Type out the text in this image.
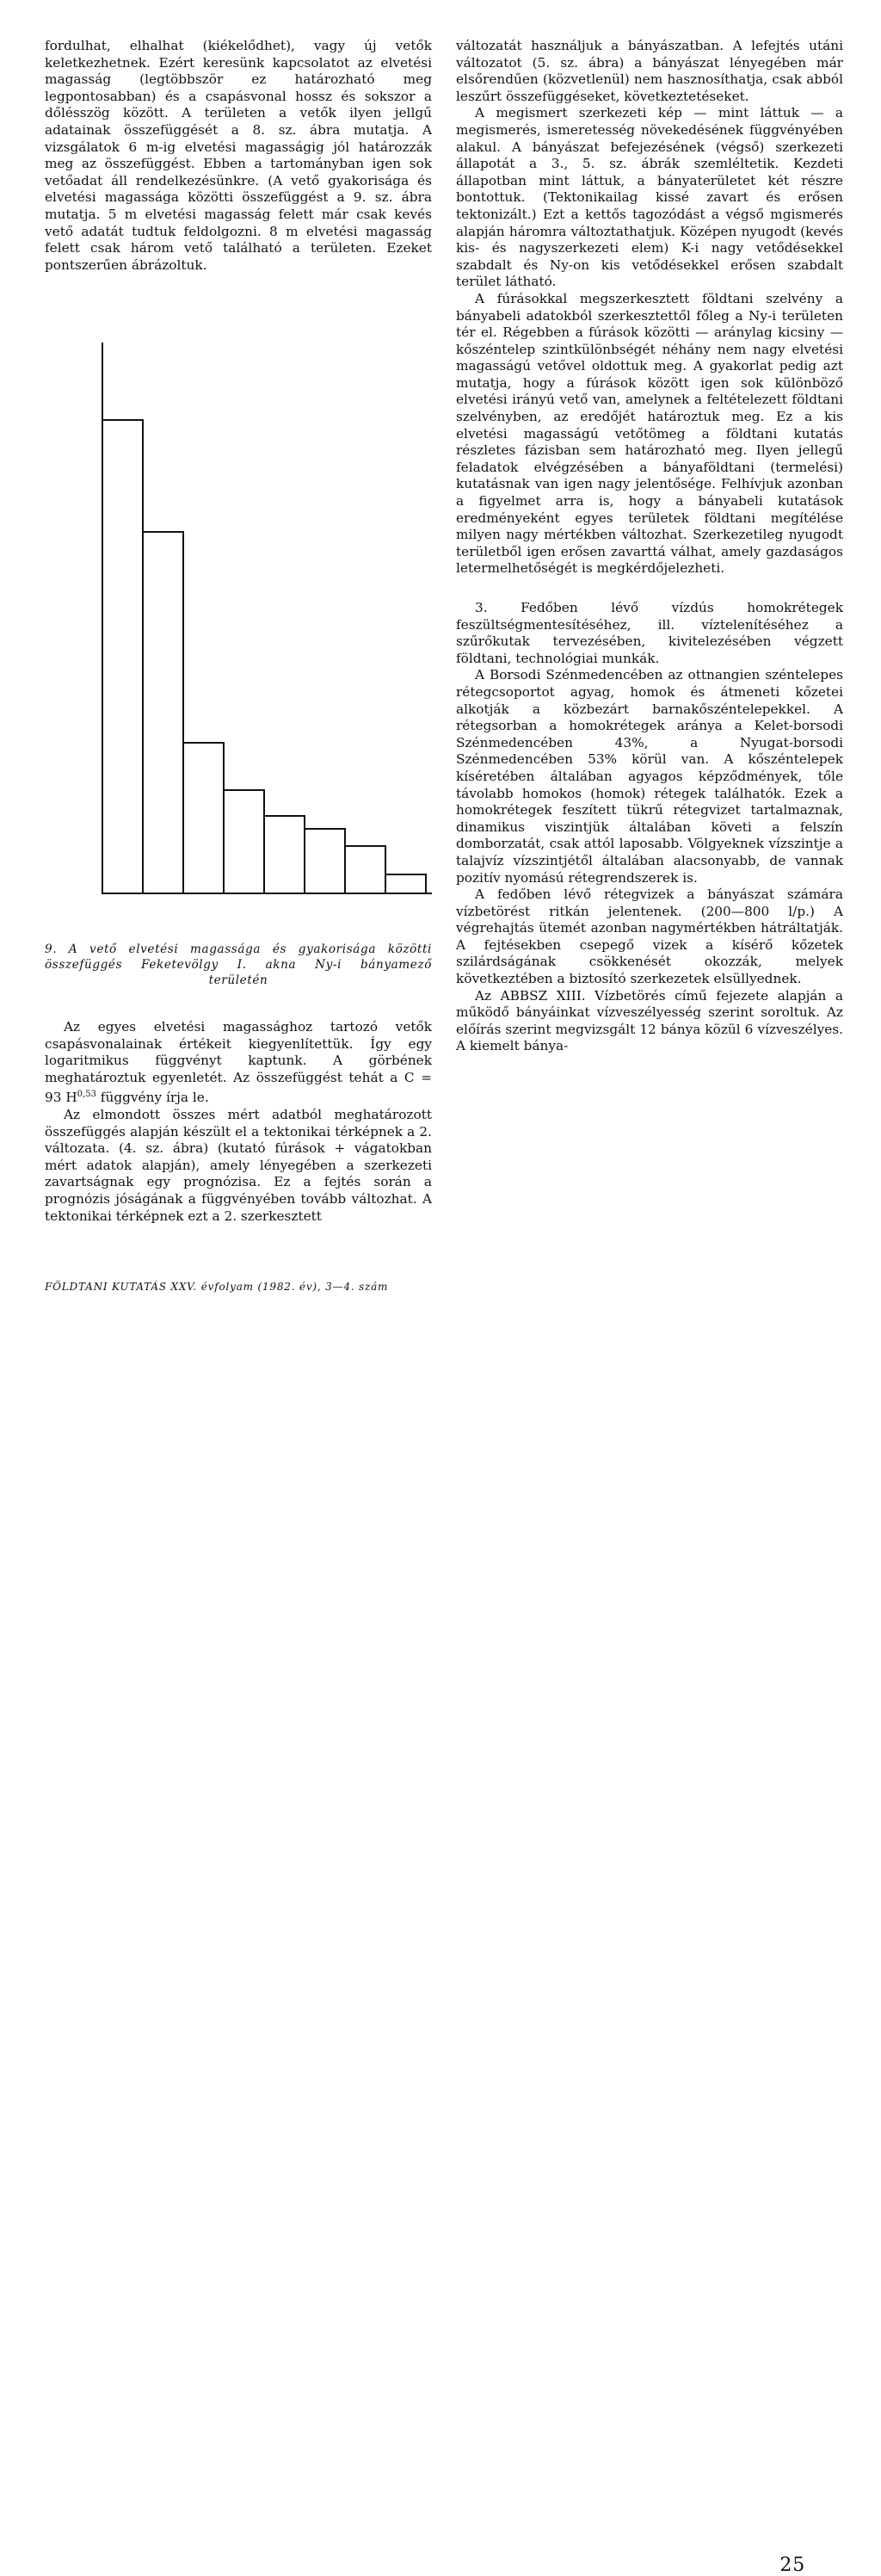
fordulhat, elhalhat (kiékelődhet), vagy új vetők keletkezhetnek. Ezért keresünk kapcsolatot az elvetési magasság (legtöbbször ez határozható meg legpontosabban) és a csapásvonal hossz és sokszor a dőlésszög között. A területen a vetők ilyen jellgű adatainak összefüggését a 8. sz. ábra mutatja. A vizsgálatok 6 m-ig elvetési magasságig jól határozzák meg az összefüggést. Ebben a tartományban igen sok vetőadat áll rendelkezésünkre. (A vető gyakorisága és elvetési magassága közötti összefüggést a 9. sz. ábra mutatja. 5 m elvetési magasság felett már csak kevés vető adatát tudtuk feldolgozni. 8 m elvetési magasság felett csak három vető található a területen. Ezeket pontszerűen ábrázoltuk.

9. A vető elvetési magassága és gyakorisága közötti
összefüggés Feketevölgy I. akna Ny-i bányamező
területén

Az egyes elvetési magassághoz tartozó vetők csapásvonalainak értékeit kiegyenlítettük. Így egy logaritmikus függvényt kaptunk. A görbének meghatároztuk egyenletét. Az összefüggést tehát a C = 93 H$^{0,53}$ függvény írja le.

Az elmondott összes mért adatból meghatározott összefüggés alapján készült el a tektonikai térképnek a 2. változata. (4. sz. ábra) (kutató fúrások + vágatokban mért adatok alapján), amely lényegében a szerkezeti zavartságnak egy prognózisa. Ez a fejtés során a prognózis jóságának a függvényében tovább változhat. A tektonikai térképnek ezt a 2. szerkesztett

változatát használjuk a bányászatban. A lefejtés utáni változatot (5. sz. ábra) a bányászat lényegében már elsőrendűen (közvetlenül) nem hasznosíthatja, csak abból leszűrt összefüggéseket, következtetéseket.

A megismert szerkezeti kép — mint láttuk — a megismerés, ismeretesség növekedésének függvényében alakul. A bányászat befejezésének (végső) szerkezeti állapotát a 3., 5. sz. ábrák szemléltetik. Kezdeti állapotban mint láttuk, a bányaterületet két részre bontottuk. (Tektonikailag kissé zavart és erősen tektonizált.) Ezt a kettős tagozódást a végső mgismerés alapján háromra változtathatjuk. Középen nyugodt (kevés kis- és nagyszerkezeti elem) K-i nagy vetődésekkel szabdalt és Ny-on kis vetődésekkel erősen szabdalt terület látható.

A fúrásokkal megszerkesztett földtani szelvény a bányabeli adatokból szerkesztettől főleg a Ny-i területen tér el. Régebben a fúrások közötti — aránylag kicsiny — kőszéntelep szintkülönbségét néhány nem nagy elvetési magasságú vetővel oldottuk meg. A gyakorlat pedig azt mutatja, hogy a fúrások között igen sok különböző elvetési irányú vető van, amelynek a feltételezett földtani szelvényben, az eredőjét határoztuk meg. Ez a kis elvetési magasságú vetőtömeg a földtani kutatás részletes fázisban sem határozható meg. Ilyen jellegű feladatok elvégzésében a bányaföldtani (termelési) kutatásnak van igen nagy jelentősége. Felhívjuk azonban a figyelmet arra is, hogy a bányabeli kutatások eredményeként egyes területek földtani megítélése milyen nagy mértékben változhat. Szerkezetileg nyugodt területből igen erősen zavarttá válhat, amely gazdaságos letermelhetőségét is megkérdőjelezheti.

3. Fedőben lévő vízdús homokrétegek feszültségmentesítéséhez, ill. víztelenítéséhez a szűrőkutak tervezésében, kivitelezésében végzett földtani, technológiai munkák.

A Borsodi Szénmedencében az ottnangien széntelepes rétegcsoportot agyag, homok és átmeneti kőzetei alkotják a közbezárt barnakőszéntelepekkel. A rétegsorban a homokrétegek aránya a Kelet-borsodi Szénmedencében 43%, a Nyugat-borsodi Szénmedencében 53% körül van. A kőszéntelepek kíséretében általában agyagos képződmények, tőle távolabb homokos (homok) rétegek találhatók. Ezek a homokrétegek feszített tükrű rétegvizet tartalmaznak, dinamikus viszintjük általában követi a felszín domborzatát, csak attól laposabb. Völgyeknek vízszintje a talajvíz vízszintjétől általában alacsonyabb, de vannak pozitív nyomású rétegrendszerek is.

A fedőben lévő rétegvizek a bányászat számára vízbetörést ritkán jelentenek. (200—800 l/p.) A végrehajtás ütemét azonban nagymértékben hátráltatják. A fejtésekben csepegő vizek a kísérő kőzetek szilárdságának csökkenését okozzák, melyek következtében a biztosító szerkezetek elsüllyednek.

Az ABBSZ XIII. Vízbetörés című fejezete alapján a működő bányáinkat vízveszélyesség szerint soroltuk. Az előírás szerint megvizsgált 12 bánya közül 6 vízveszélyes. A kiemelt bánya-

FÖLDTANI KUTATÁS XXV. évfolyam (1982. év), 3—4. szám
25
